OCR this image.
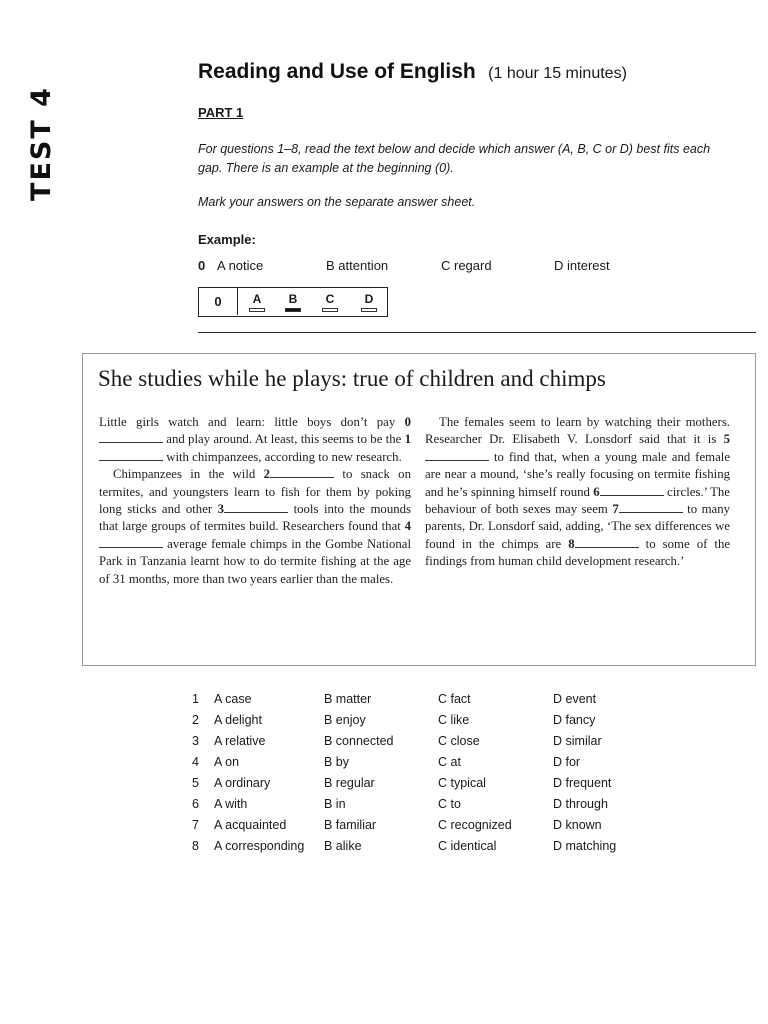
TEST 4
Reading and Use of English (1 hour 15 minutes)
PART 1
For questions 1–8, read the text below and decide which answer (A, B, C or D) best fits each gap. There is an example at the beginning (0).
Mark your answers on the separate answer sheet.
Example:
0 A notice	B attention	C regard	D interest
0	A	B	C	D
She studies while he plays: true of children and chimps

Little girls watch and learn: little boys don’t pay 0 and play around. At least, this seems to be the 1 with chimpanzees, according to new research.

Chimpanzees in the wild 2	to snack on termites, and youngsters learn to fish for them by poking long sticks and other 3	tools into the mounds that large groups of termites build. Researchers found that 4 average female chimps in the Gombe National Park in Tanzania learnt how to do termite fishing at the age of 31 months, more than two years earlier than the males.

The females seem to learn by watching their mothers. Researcher Dr. Elisabeth V. Lonsdorf said that it is 5 to find that, when a young male and female are near a mound, ‘she’s really focusing on termite fishing and he’s spinning himself round 6	circles.’ The behaviour of both sexes may seem 7	to many parents, Dr. Lonsdorf said, adding, ‘The sex differences we found in the chimps are 8	to some of the findings from human child development research.’

1 A case	B matter	C fact	D event
2 A delight	B enjoy	C like	D fancy
3 A relative	B connected	C close	D similar
4 A on	B by	C at	D for
5 A ordinary	B regular	C typical	D frequent
6 A with	B in	C to	D through
7 A acquainted	B familiar	C recognized	D known
8 A corresponding B alike	C identical	D matching
